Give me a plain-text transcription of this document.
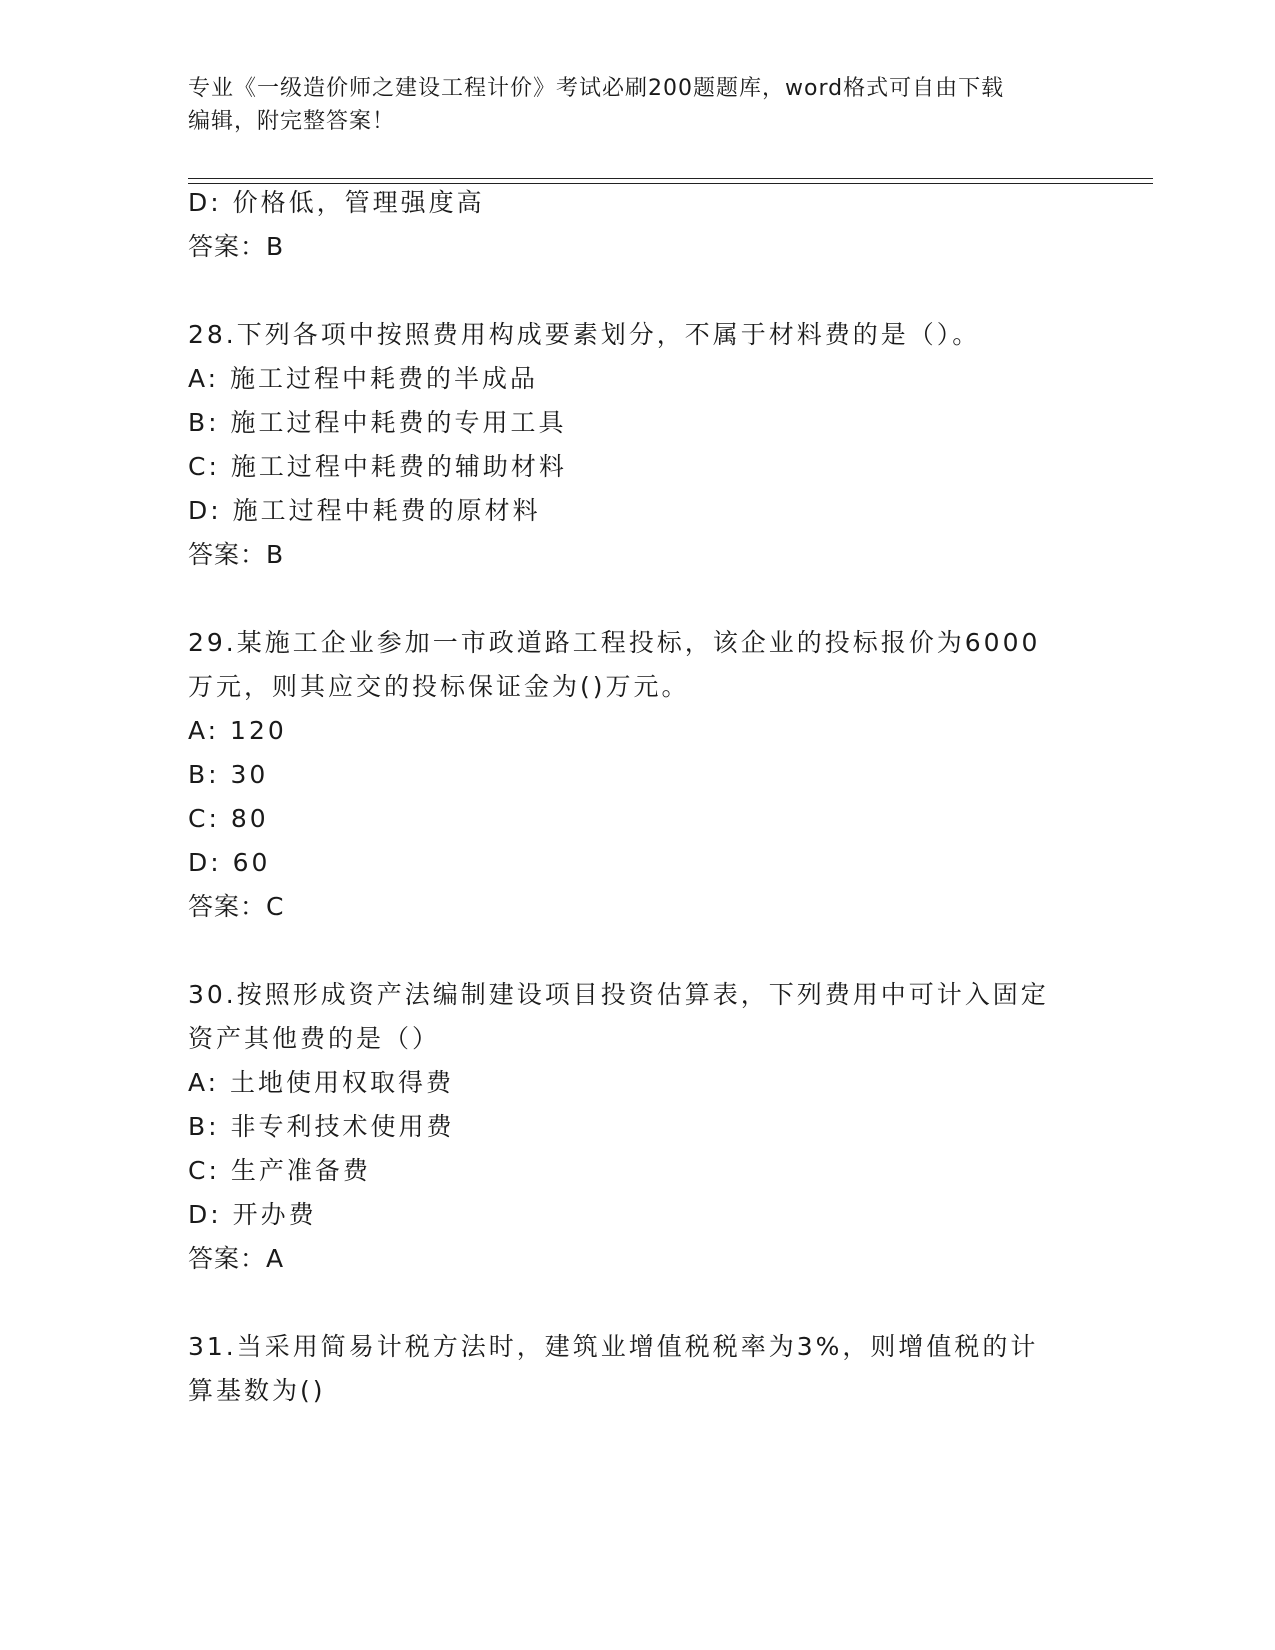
专业《一级造价师之建设工程计价》考试必刷200题题库，word格式可自由下载
编辑，附完整答案！
D: 价格低，管理强度高
答案：B
28.下列各项中按照费用构成要素划分，不属于材料费的是（）。
A: 施工过程中耗费的半成品
B: 施工过程中耗费的专用工具
C: 施工过程中耗费的辅助材料
D: 施工过程中耗费的原材料
答案：B
29.某施工企业参加一市政道路工程投标，该企业的投标报价为6000
万元，则其应交的投标保证金为()万元。
A: 120
B: 30
C: 80
D: 60
答案：C
30.按照形成资产法编制建设项目投资估算表，下列费用中可计入固定
资产其他费的是（）
A: 土地使用权取得费
B: 非专利技术使用费
C: 生产准备费
D: 开办费
答案：A
31.当采用简易计税方法时，建筑业增值税税率为3%，则增值税的计
算基数为()
